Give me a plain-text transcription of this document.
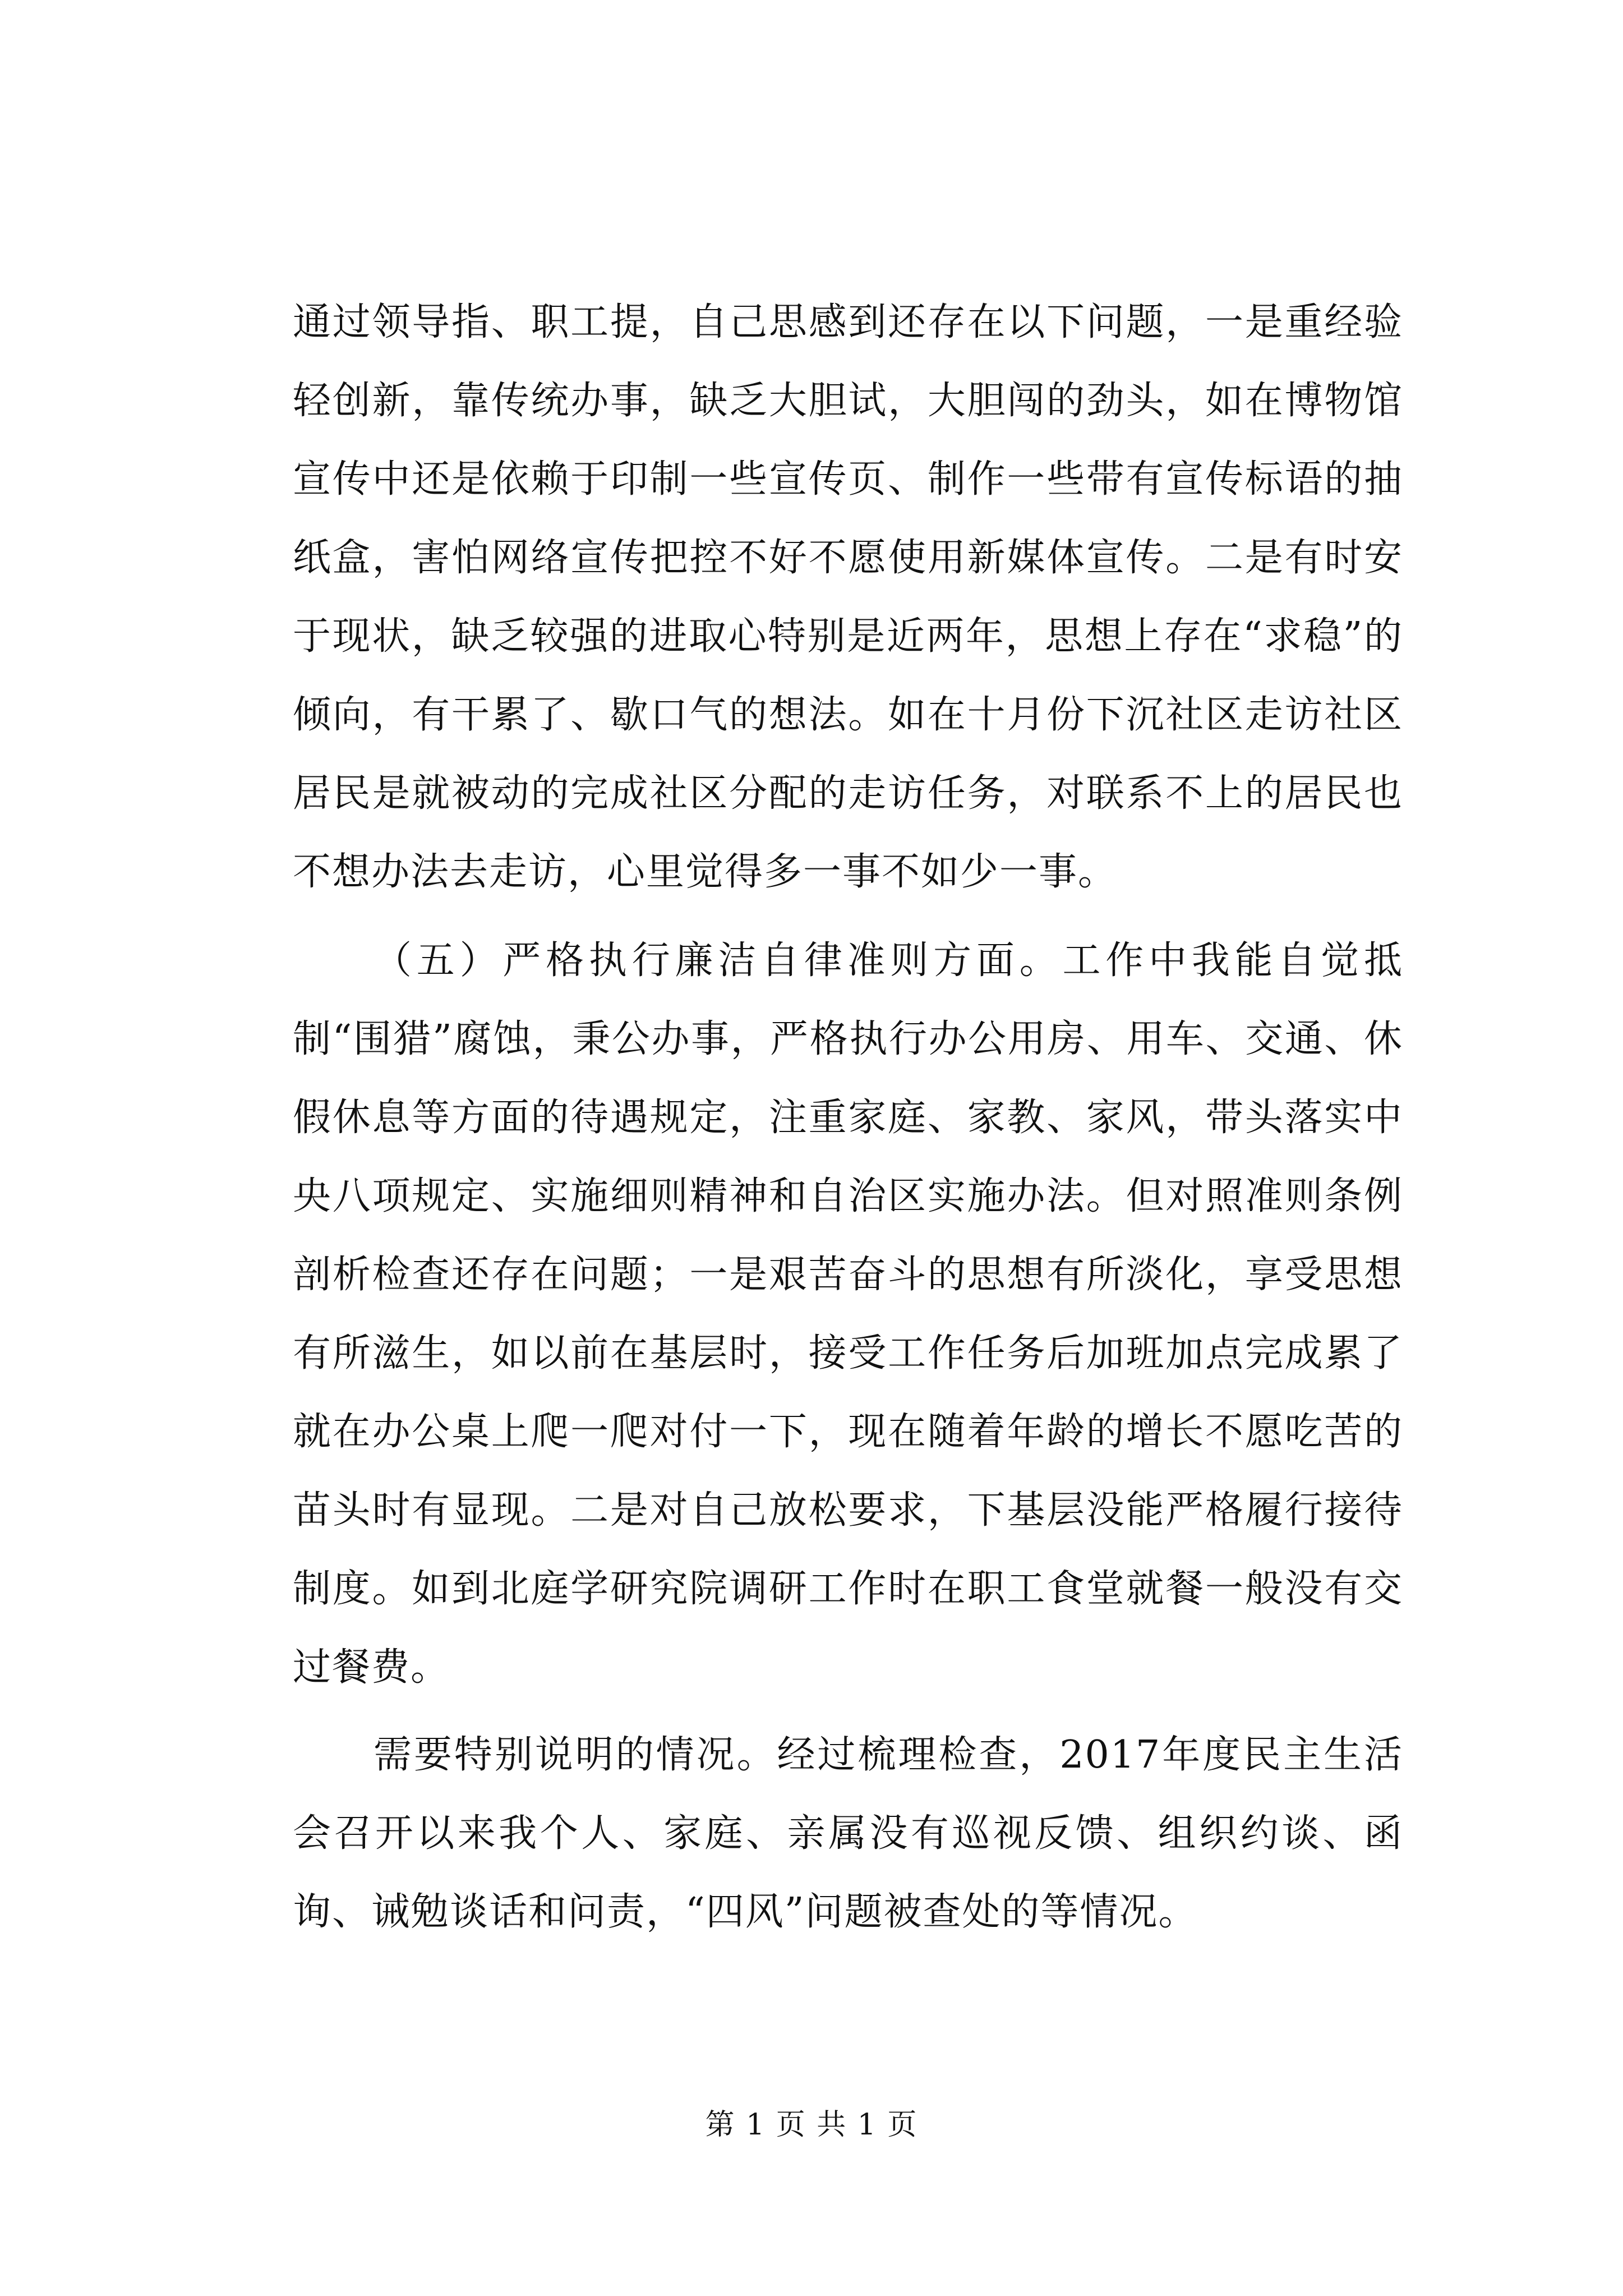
通过领导指、职工提，自己思感到还存在以下问题，一是重经验轻创新，靠传统办事，缺乏大胆试，大胆闯的劲头，如在博物馆宣传中还是依赖于印制一些宣传页、制作一些带有宣传标语的抽纸盒，害怕网络宣传把控不好不愿使用新媒体宣传。二是有时安于现状，缺乏较强的进取心特别是近两年，思想上存在“求稳”的倾向，有干累了、歇口气的想法。如在十月份下沉社区走访社区居民是就被动的完成社区分配的走访任务，对联系不上的居民也不想办法去走访，心里觉得多一事不如少一事。

（五）严格执行廉洁自律准则方面。工作中我能自觉抵制“围猎”腐蚀，秉公办事，严格执行办公用房、用车、交通、休假休息等方面的待遇规定，注重家庭、家教、家风，带头落实中央八项规定、实施细则精神和自治区实施办法。但对照准则条例剖析检查还存在问题；一是艰苦奋斗的思想有所淡化，享受思想有所滋生，如以前在基层时，接受工作任务后加班加点完成累了就在办公桌上爬一爬对付一下，现在随着年龄的增长不愿吃苦的苗头时有显现。二是对自己放松要求，下基层没能严格履行接待制度。如到北庭学研究院调研工作时在职工食堂就餐一般没有交过餐费。

需要特别说明的情况。经过梳理检查，2017年度民主生活会召开以来我个人、家庭、亲属没有巡视反馈、组织约谈、函询、诫勉谈话和问责，“四风”问题被查处的等情况。

第 1 页 共 1 页
